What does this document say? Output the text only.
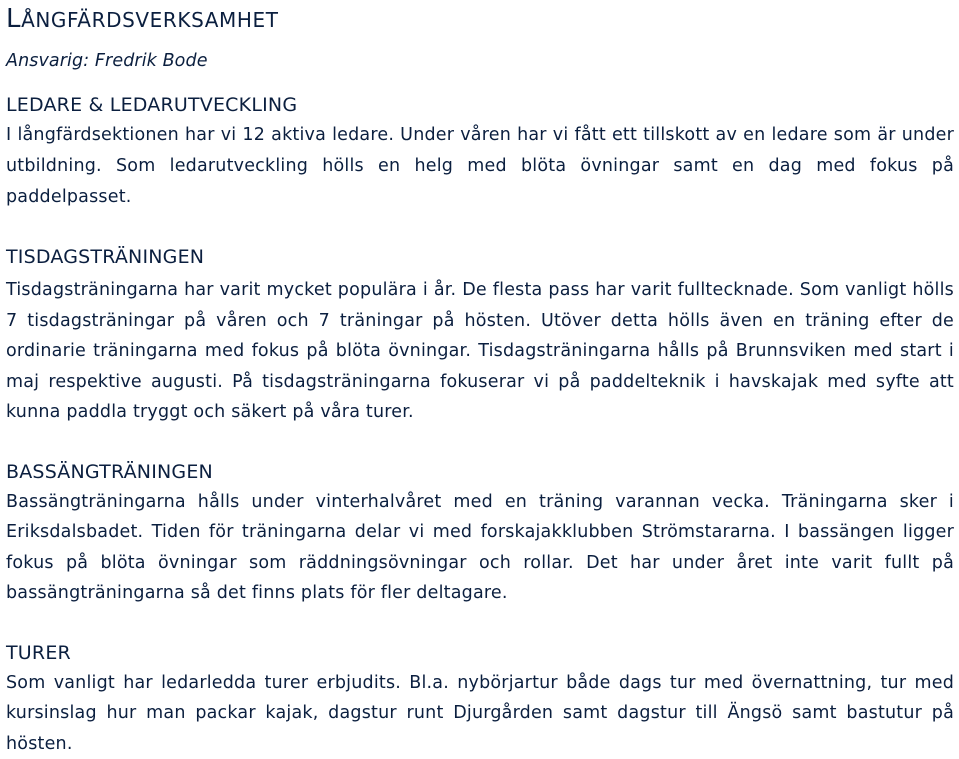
LÅNGFÄRDSVERKSAMHET

Ansvarig: Fredrik Bode

LEDARE & LEDARUTVECKLING

I långfärdsektionen har vi 12 aktiva ledare. Under våren har vi fått ett tillskott av en ledare som är under utbildning. Som ledarutveckling hölls en helg med blöta övningar samt en dag med fokus på paddelpasset.

TISDAGSTRÄNINGEN

Tisdagsträningarna har varit mycket populära i år. De flesta pass har varit fulltecknade. Som vanligt hölls 7 tisdagsträningar på våren och 7 träningar på hösten. Utöver detta hölls även en träning efter de ordinarie träningarna med fokus på blöta övningar. Tisdagsträningarna hålls på Brunnsviken med start i maj respektive augusti. På tisdagsträningarna fokuserar vi på paddelteknik i havskajak med syfte att kunna paddla tryggt och säkert på våra turer.

BASSÄNGTRÄNINGEN

Bassängträningarna hålls under vinterhalvåret med en träning varannan vecka. Träningarna sker i Eriksdalsbadet. Tiden för träningarna delar vi med forskajakklubben Strömstararna. I bassängen ligger fokus på blöta övningar som räddningsövningar och rollar. Det har under året inte varit fullt på bassängträningarna så det finns plats för fler deltagare.

TURER

Som vanligt har ledarledda turer erbjudits. Bl.a. nybörjartur både dags tur med övernattning, tur med kursinslag hur man packar kajak, dagstur runt Djurgården samt dagstur till Ängsö samt bastutur på hösten.
